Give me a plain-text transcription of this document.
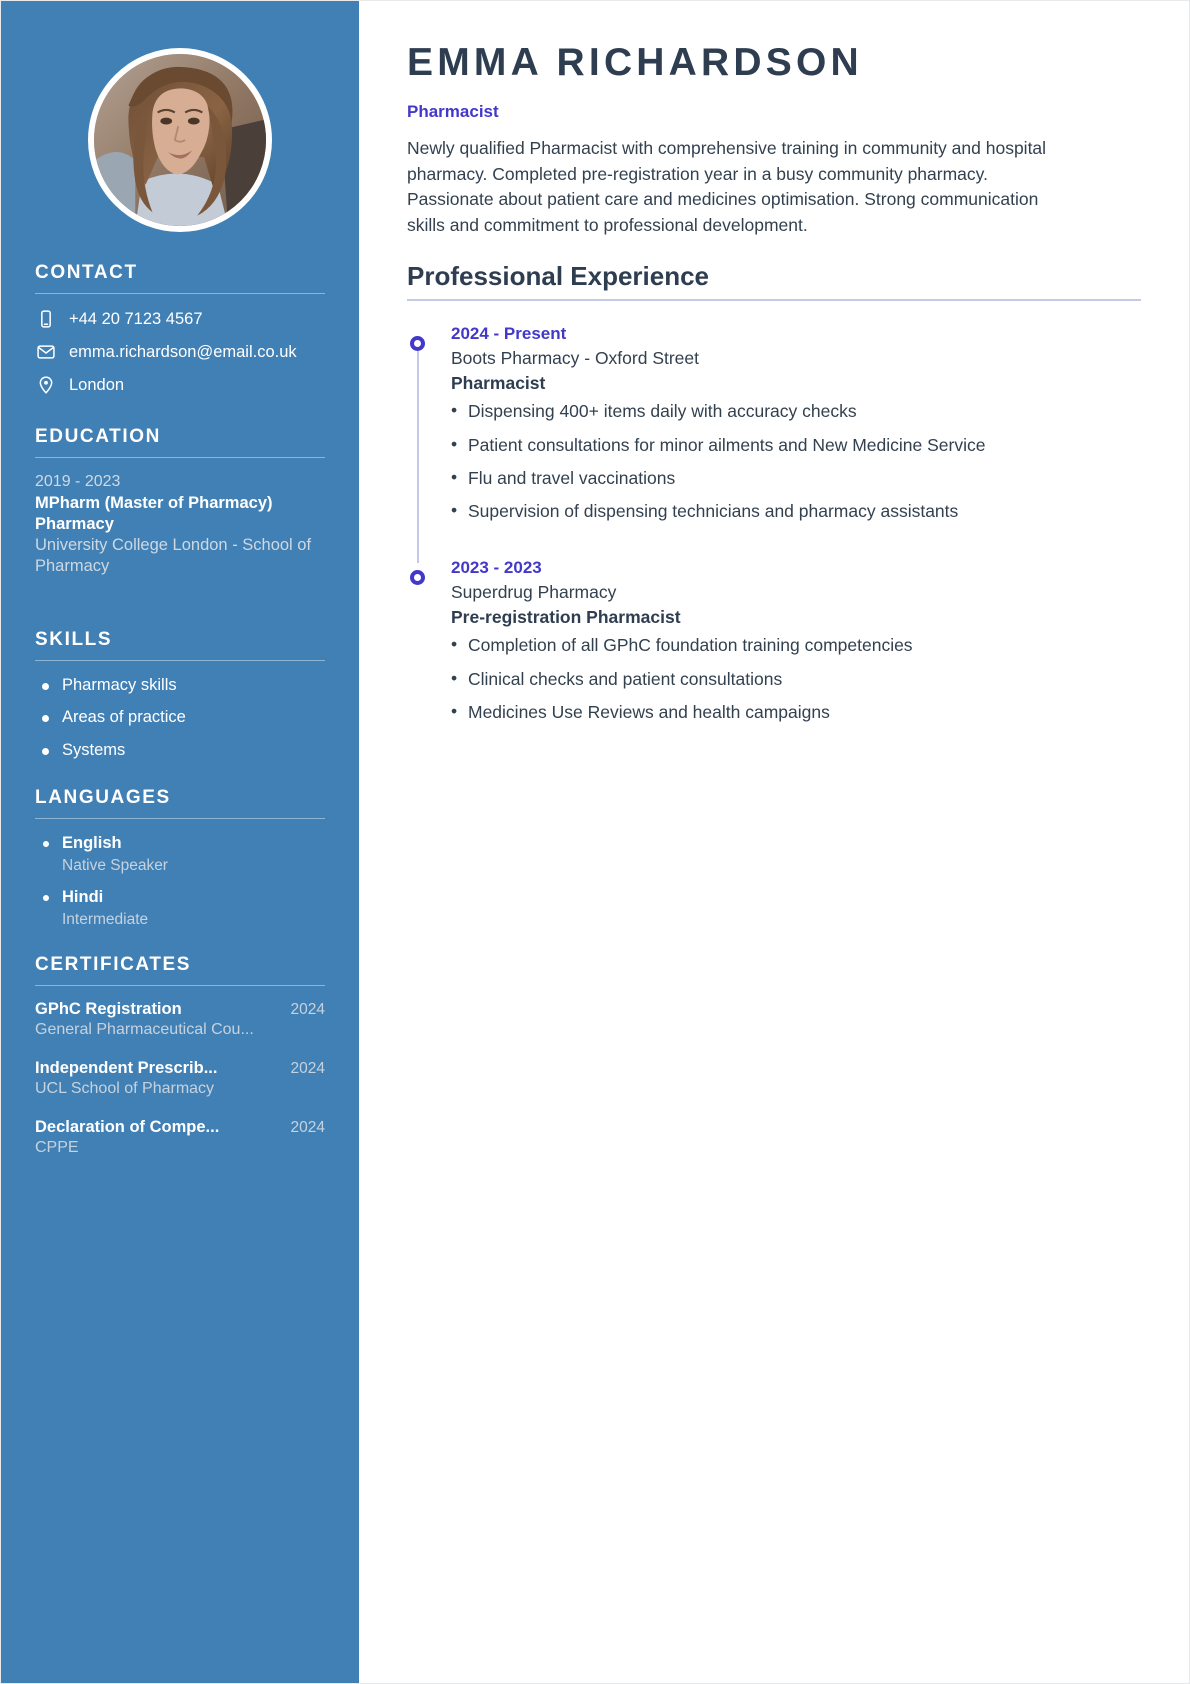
CONTACT
+44 20 7123 4567
emma.richardson@email.co.uk
London
EDUCATION
2019 - 2023
MPharm (Master of Pharmacy) Pharmacy
University College London - School of Pharmacy
SKILLS
Pharmacy skills
Areas of practice
Systems
LANGUAGES
English
Native Speaker
Hindi
Intermediate
CERTIFICATES
GPhC Registration	2024
General Pharmaceutical Cou...
Independent Prescrib...	2024
UCL School of Pharmacy
Declaration of Compe...	2024
CPPE
EMMA RICHARDSON
Pharmacist

Newly qualified Pharmacist with comprehensive training in community and hospital pharmacy. Completed pre-registration year in a busy community pharmacy. Passionate about patient care and medicines optimisation. Strong communication skills and commitment to professional development.

Professional Experience
2024 - Present
Boots Pharmacy - Oxford Street
Pharmacist
• Dispensing 400+ items daily with accuracy checks
• Patient consultations for minor ailments and New Medicine Service
• Flu and travel vaccinations
• Supervision of dispensing technicians and pharmacy assistants
2023 - 2023
Superdrug Pharmacy
Pre-registration Pharmacist
• Completion of all GPhC foundation training competencies
• Clinical checks and patient consultations
• Medicines Use Reviews and health campaigns
